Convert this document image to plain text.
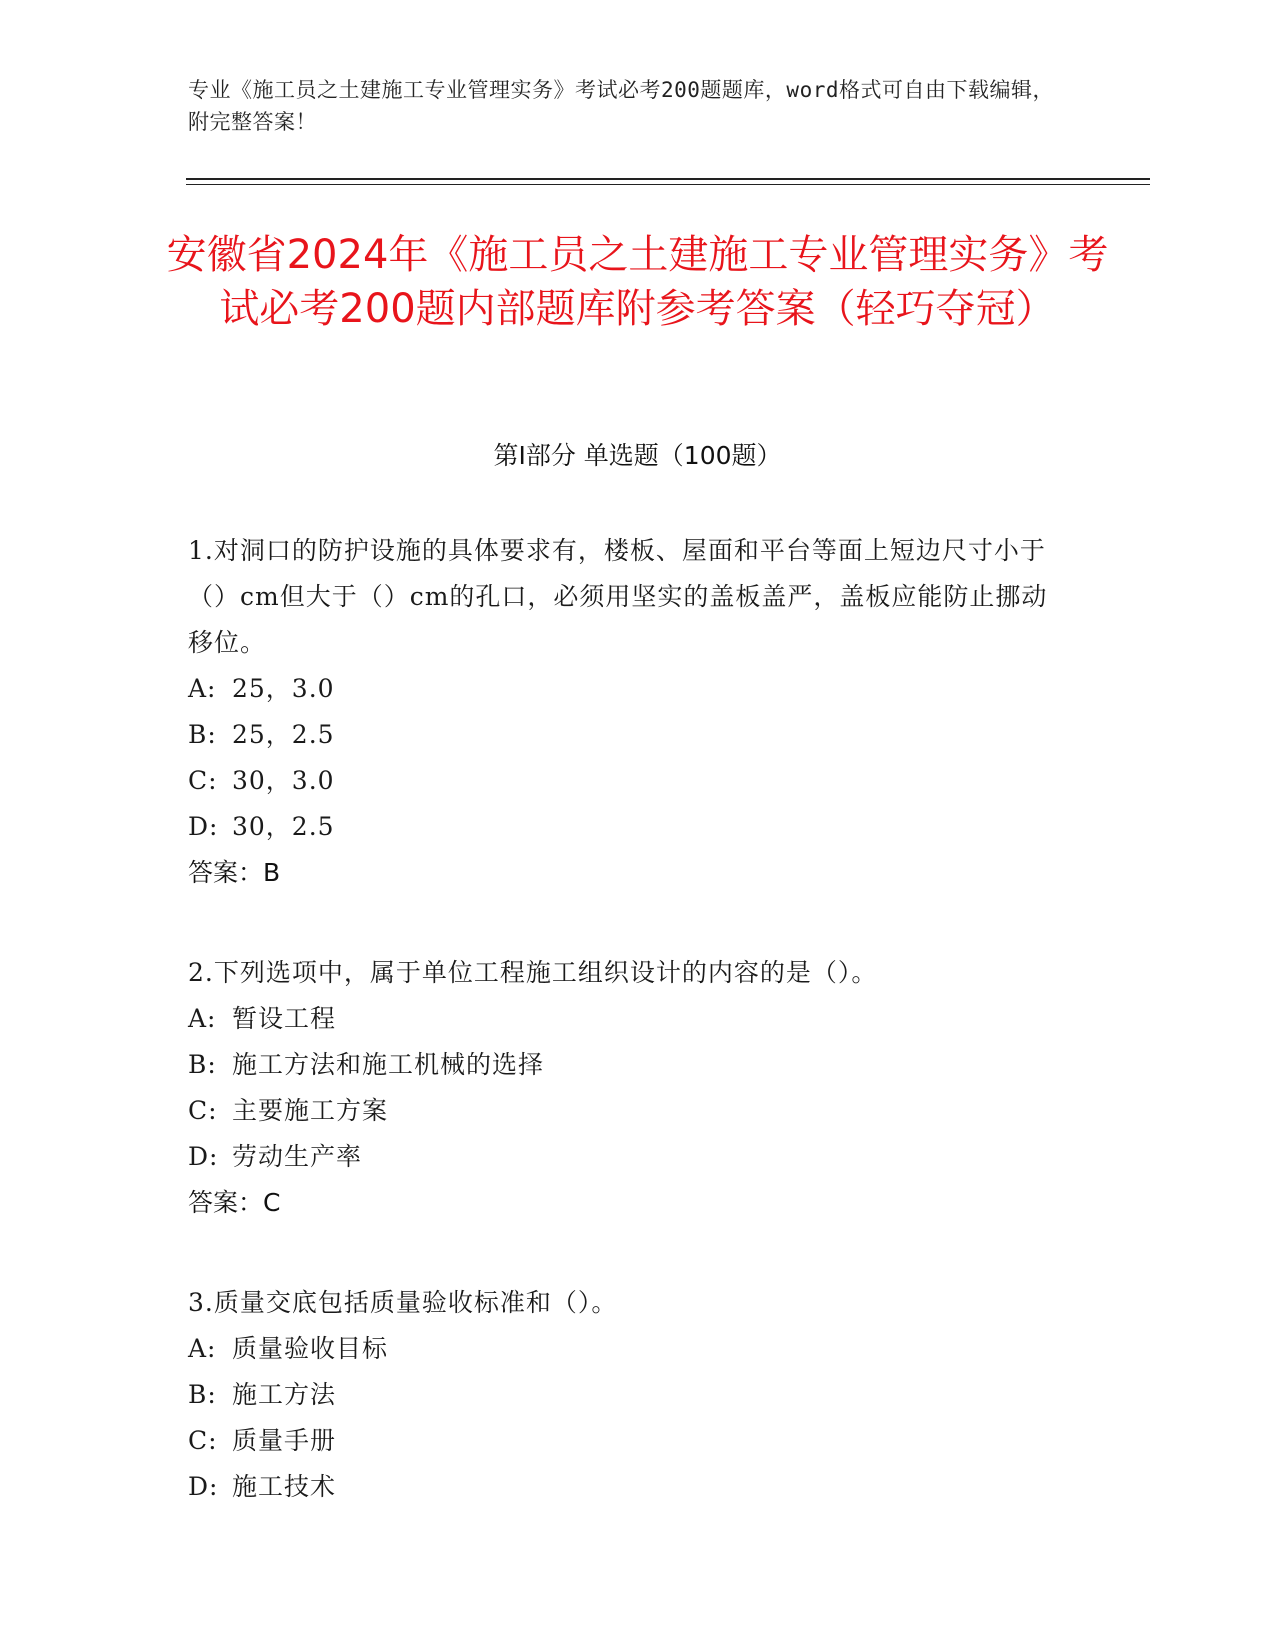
专业《施工员之土建施工专业管理实务》考试必考200题题库，word格式可自由下载编辑，附完整答案！
安徽省2024年《施工员之土建施工专业管理实务》考试必考200题内部题库附参考答案（轻巧夺冠）
第I部分 单选题（100题）

1.对洞口的防护设施的具体要求有，楼板、屋面和平台等面上短边尺寸小于（）cm但大于（）cm的孔口，必须用坚实的盖板盖严，盖板应能防止挪动移位。

A: 25，3.0

B: 25，2.5

C: 30，3.0

D: 30，2.5

答案：B

2.下列选项中，属于单位工程施工组织设计的内容的是（）。

A: 暂设工程

B: 施工方法和施工机械的选择

C: 主要施工方案

D: 劳动生产率

答案：C

3.质量交底包括质量验收标准和（）。

A: 质量验收目标

B: 施工方法

C: 质量手册

D: 施工技术
